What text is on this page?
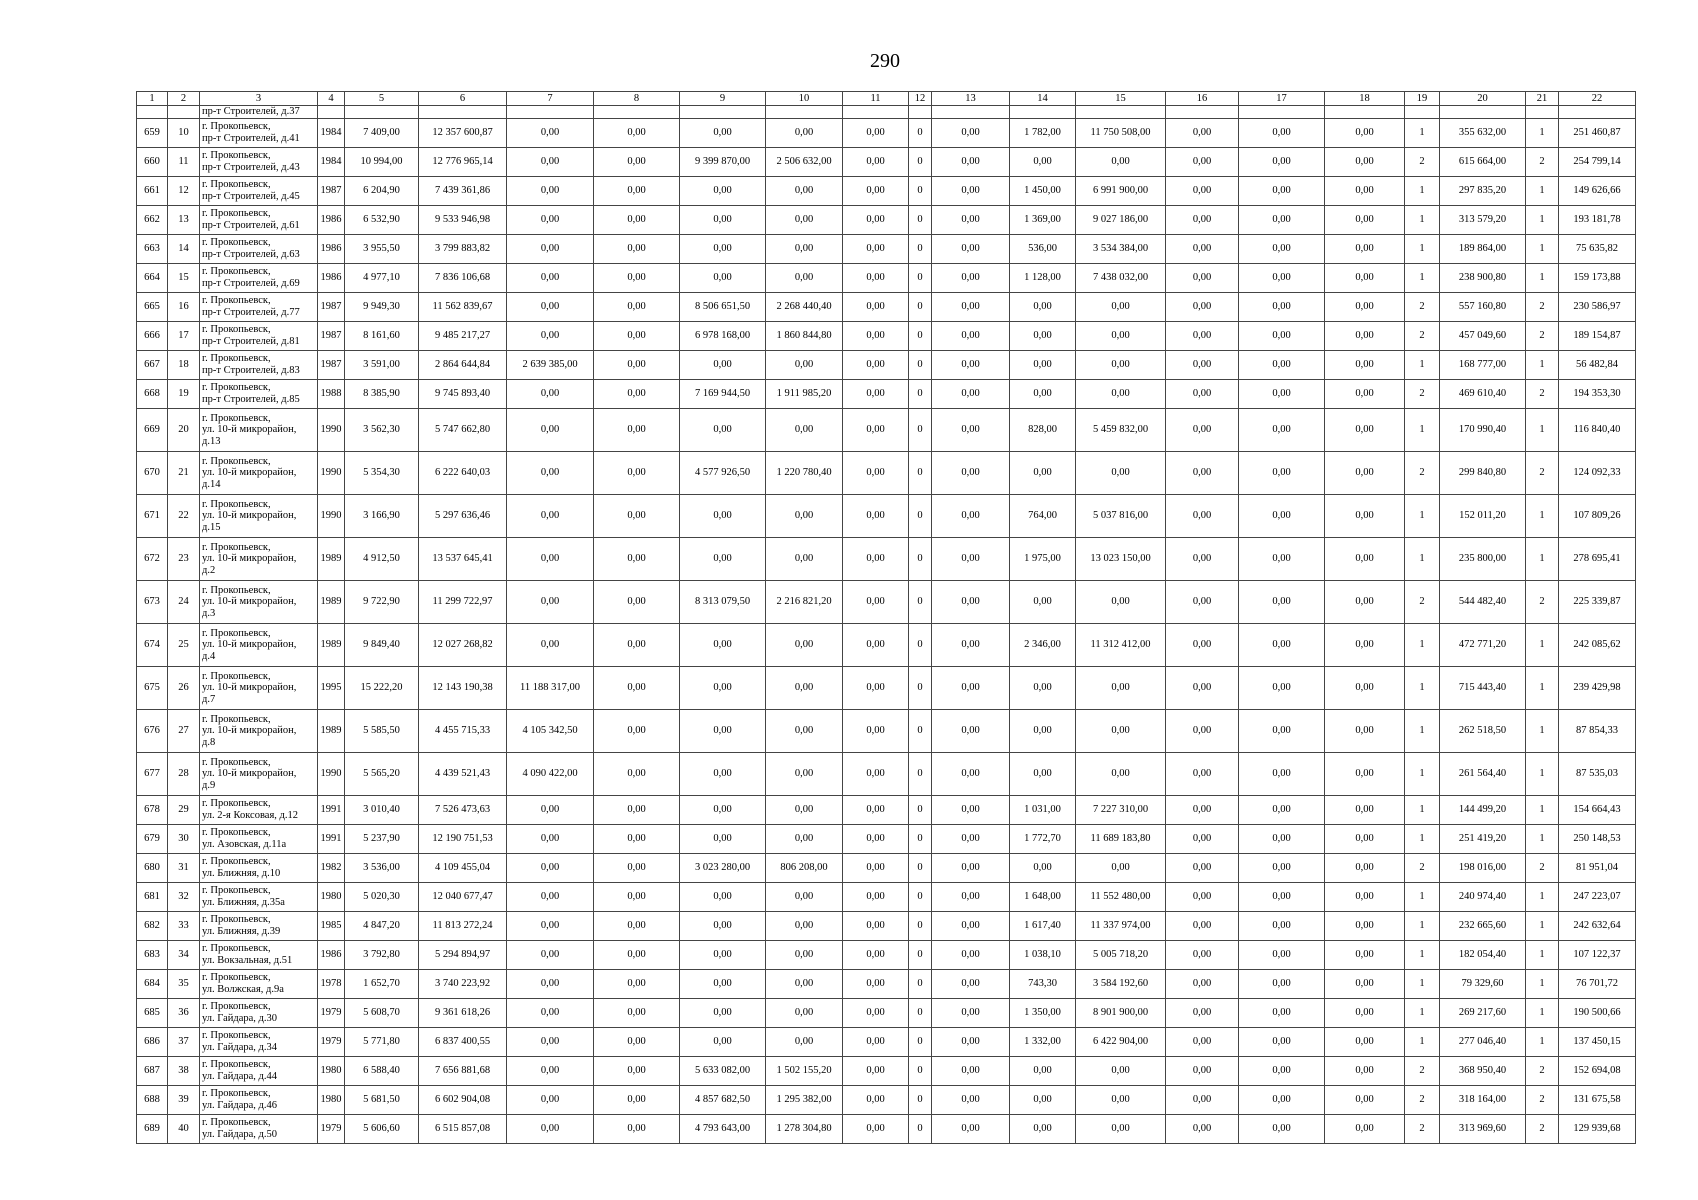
290
1	2	3	4	5	6	7	8	9	10	11	12	13	14	15	16	17	18	19	20	21	22
		пр-т Строителей, д.37																			
659	10	г. Прокопьевск,
пр-т Строителей, д.41	1984	7 409,00	12 357 600,87	0,00	0,00	0,00	0,00	0,00	0	0,00	1 782,00	11 750 508,00	0,00	0,00	0,00	1	355 632,00	1	251 460,87
660	11	г. Прокопьевск,
пр-т Строителей, д.43	1984	10 994,00	12 776 965,14	0,00	0,00	9 399 870,00	2 506 632,00	0,00	0	0,00	0,00	0,00	0,00	0,00	0,00	2	615 664,00	2	254 799,14
661	12	г. Прокопьевск,
пр-т Строителей, д.45	1987	6 204,90	7 439 361,86	0,00	0,00	0,00	0,00	0,00	0	0,00	1 450,00	6 991 900,00	0,00	0,00	0,00	1	297 835,20	1	149 626,66
662	13	г. Прокопьевск,
пр-т Строителей, д.61	1986	6 532,90	9 533 946,98	0,00	0,00	0,00	0,00	0,00	0	0,00	1 369,00	9 027 186,00	0,00	0,00	0,00	1	313 579,20	1	193 181,78
663	14	г. Прокопьевск,
пр-т Строителей, д.63	1986	3 955,50	3 799 883,82	0,00	0,00	0,00	0,00	0,00	0	0,00	536,00	3 534 384,00	0,00	0,00	0,00	1	189 864,00	1	75 635,82
664	15	г. Прокопьевск,
пр-т Строителей, д.69	1986	4 977,10	7 836 106,68	0,00	0,00	0,00	0,00	0,00	0	0,00	1 128,00	7 438 032,00	0,00	0,00	0,00	1	238 900,80	1	159 173,88
665	16	г. Прокопьевск,
пр-т Строителей, д.77	1987	9 949,30	11 562 839,67	0,00	0,00	8 506 651,50	2 268 440,40	0,00	0	0,00	0,00	0,00	0,00	0,00	0,00	2	557 160,80	2	230 586,97
666	17	г. Прокопьевск,
пр-т Строителей, д.81	1987	8 161,60	9 485 217,27	0,00	0,00	6 978 168,00	1 860 844,80	0,00	0	0,00	0,00	0,00	0,00	0,00	0,00	2	457 049,60	2	189 154,87
667	18	г. Прокопьевск,
пр-т Строителей, д.83	1987	3 591,00	2 864 644,84	2 639 385,00	0,00	0,00	0,00	0,00	0	0,00	0,00	0,00	0,00	0,00	0,00	1	168 777,00	1	56 482,84
668	19	г. Прокопьевск,
пр-т Строителей, д.85	1988	8 385,90	9 745 893,40	0,00	0,00	7 169 944,50	1 911 985,20	0,00	0	0,00	0,00	0,00	0,00	0,00	0,00	2	469 610,40	2	194 353,30
669	20	г. Прокопьевск,
ул. 10-й микрорайон,
д.13	1990	3 562,30	5 747 662,80	0,00	0,00	0,00	0,00	0,00	0	0,00	828,00	5 459 832,00	0,00	0,00	0,00	1	170 990,40	1	116 840,40
670	21	г. Прокопьевск,
ул. 10-й микрорайон,
д.14	1990	5 354,30	6 222 640,03	0,00	0,00	4 577 926,50	1 220 780,40	0,00	0	0,00	0,00	0,00	0,00	0,00	0,00	2	299 840,80	2	124 092,33
671	22	г. Прокопьевск,
ул. 10-й микрорайон,
д.15	1990	3 166,90	5 297 636,46	0,00	0,00	0,00	0,00	0,00	0	0,00	764,00	5 037 816,00	0,00	0,00	0,00	1	152 011,20	1	107 809,26
672	23	г. Прокопьевск,
ул. 10-й микрорайон,
д.2	1989	4 912,50	13 537 645,41	0,00	0,00	0,00	0,00	0,00	0	0,00	1 975,00	13 023 150,00	0,00	0,00	0,00	1	235 800,00	1	278 695,41
673	24	г. Прокопьевск,
ул. 10-й микрорайон,
д.3	1989	9 722,90	11 299 722,97	0,00	0,00	8 313 079,50	2 216 821,20	0,00	0	0,00	0,00	0,00	0,00	0,00	0,00	2	544 482,40	2	225 339,87
674	25	г. Прокопьевск,
ул. 10-й микрорайон,
д.4	1989	9 849,40	12 027 268,82	0,00	0,00	0,00	0,00	0,00	0	0,00	2 346,00	11 312 412,00	0,00	0,00	0,00	1	472 771,20	1	242 085,62
675	26	г. Прокопьевск,
ул. 10-й микрорайон,
д.7	1995	15 222,20	12 143 190,38	11 188 317,00	0,00	0,00	0,00	0,00	0	0,00	0,00	0,00	0,00	0,00	0,00	1	715 443,40	1	239 429,98
676	27	г. Прокопьевск,
ул. 10-й микрорайон,
д.8	1989	5 585,50	4 455 715,33	4 105 342,50	0,00	0,00	0,00	0,00	0	0,00	0,00	0,00	0,00	0,00	0,00	1	262 518,50	1	87 854,33
677	28	г. Прокопьевск,
ул. 10-й микрорайон,
д.9	1990	5 565,20	4 439 521,43	4 090 422,00	0,00	0,00	0,00	0,00	0	0,00	0,00	0,00	0,00	0,00	0,00	1	261 564,40	1	87 535,03
678	29	г. Прокопьевск,
ул. 2-я Коксовая, д.12	1991	3 010,40	7 526 473,63	0,00	0,00	0,00	0,00	0,00	0	0,00	1 031,00	7 227 310,00	0,00	0,00	0,00	1	144 499,20	1	154 664,43
679	30	г. Прокопьевск,
ул. Азовская, д.11а	1991	5 237,90	12 190 751,53	0,00	0,00	0,00	0,00	0,00	0	0,00	1 772,70	11 689 183,80	0,00	0,00	0,00	1	251 419,20	1	250 148,53
680	31	г. Прокопьевск,
ул. Ближняя, д.10	1982	3 536,00	4 109 455,04	0,00	0,00	3 023 280,00	806 208,00	0,00	0	0,00	0,00	0,00	0,00	0,00	0,00	2	198 016,00	2	81 951,04
681	32	г. Прокопьевск,
ул. Ближняя, д.35а	1980	5 020,30	12 040 677,47	0,00	0,00	0,00	0,00	0,00	0	0,00	1 648,00	11 552 480,00	0,00	0,00	0,00	1	240 974,40	1	247 223,07
682	33	г. Прокопьевск,
ул. Ближняя, д.39	1985	4 847,20	11 813 272,24	0,00	0,00	0,00	0,00	0,00	0	0,00	1 617,40	11 337 974,00	0,00	0,00	0,00	1	232 665,60	1	242 632,64
683	34	г. Прокопьевск,
ул. Вокзальная, д.51	1986	3 792,80	5 294 894,97	0,00	0,00	0,00	0,00	0,00	0	0,00	1 038,10	5 005 718,20	0,00	0,00	0,00	1	182 054,40	1	107 122,37
684	35	г. Прокопьевск,
ул. Волжская, д.9а	1978	1 652,70	3 740 223,92	0,00	0,00	0,00	0,00	0,00	0	0,00	743,30	3 584 192,60	0,00	0,00	0,00	1	79 329,60	1	76 701,72
685	36	г. Прокопьевск,
ул. Гайдара, д.30	1979	5 608,70	9 361 618,26	0,00	0,00	0,00	0,00	0,00	0	0,00	1 350,00	8 901 900,00	0,00	0,00	0,00	1	269 217,60	1	190 500,66
686	37	г. Прокопьевск,
ул. Гайдара, д.34	1979	5 771,80	6 837 400,55	0,00	0,00	0,00	0,00	0,00	0	0,00	1 332,00	6 422 904,00	0,00	0,00	0,00	1	277 046,40	1	137 450,15
687	38	г. Прокопьевск,
ул. Гайдара, д.44	1980	6 588,40	7 656 881,68	0,00	0,00	5 633 082,00	1 502 155,20	0,00	0	0,00	0,00	0,00	0,00	0,00	0,00	2	368 950,40	2	152 694,08
688	39	г. Прокопьевск,
ул. Гайдара, д.46	1980	5 681,50	6 602 904,08	0,00	0,00	4 857 682,50	1 295 382,00	0,00	0	0,00	0,00	0,00	0,00	0,00	0,00	2	318 164,00	2	131 675,58
689	40	г. Прокопьевск,
ул. Гайдара, д.50	1979	5 606,60	6 515 857,08	0,00	0,00	4 793 643,00	1 278 304,80	0,00	0	0,00	0,00	0,00	0,00	0,00	0,00	2	313 969,60	2	129 939,68
